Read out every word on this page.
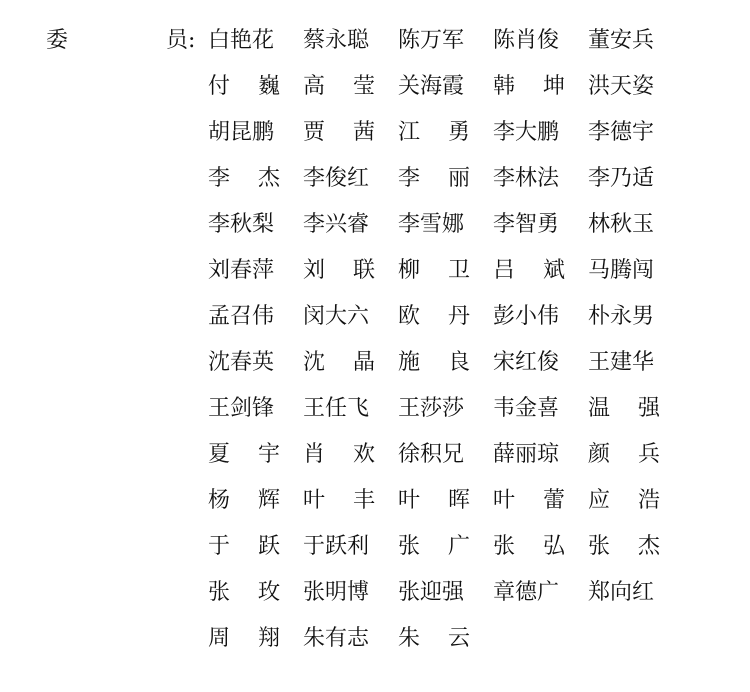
委	员: 白艳花 蔡永聪 陈万军 陈肖俊 董安兵
付 巍 高 莹 关海霞 韩 坤 洪天姿
胡昆鹏 贾 茜 江 勇 李大鹏 李德宇
李 杰 李俊红 李 丽 李林法 李乃适
李秋梨 李兴睿 李雪娜 李智勇 林秋玉
刘春萍 刘 联 柳 卫 吕 斌 马腾闯
孟召伟 闵大六 欧 丹 彭小伟 朴永男
沈春英 沈 晶 施 良 宋红俊 王建华
王剑锋 王任飞 王莎莎 韦金喜 温 强
夏 宇 肖 欢 徐积兄 薛丽琼 颜 兵
杨 辉 叶 丰 叶 晖 叶 蕾 应 浩
于 跃 于跃利 张 广 张 弘 张 杰
张 玫 张明博 张迎强 章德广 郑向红
周 翔 朱有志 朱 云
